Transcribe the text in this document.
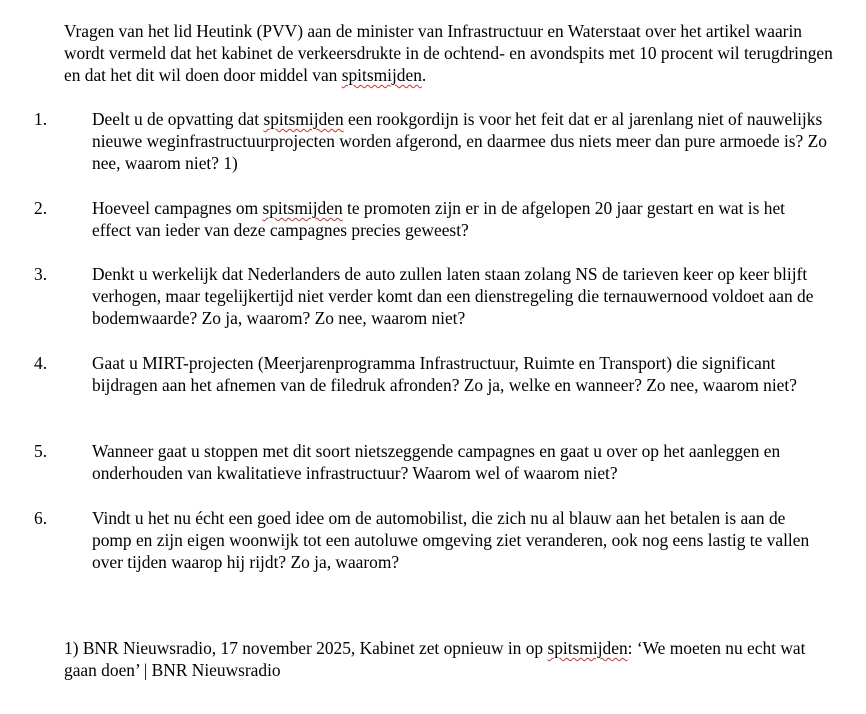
Vragen van het lid Heutink (PVV) aan de minister van Infrastructuur en Waterstaat over het artikel waarin wordt vermeld dat het kabinet de verkeersdrukte in de ochtend- en avondspits met 10 procent wil terugdringen en dat het dit wil doen door middel van spitsmijden.

1.	Deelt u de opvatting dat spitsmijden een rookgordijn is voor het feit dat er al jarenlang niet of nauwelijks nieuwe weginfrastructuurprojecten worden afgerond, en daarmee dus niets meer dan pure armoede is? Zo nee, waarom niet? 1)

2.	Hoeveel campagnes om spitsmijden te promoten zijn er in de afgelopen 20 jaar gestart en wat is het effect van ieder van deze campagnes precies geweest?

3.	Denkt u werkelijk dat Nederlanders de auto zullen laten staan zolang NS de tarieven keer op keer blijft verhogen, maar tegelijkertijd niet verder komt dan een dienstregeling die ternauwernood voldoet aan de bodemwaarde? Zo ja, waarom? Zo nee, waarom niet?

4.	Gaat u MIRT-projecten (Meerjarenprogramma Infrastructuur, Ruimte en Transport) die significant bijdragen aan het afnemen van de filedruk afronden? Zo ja, welke en wanneer? Zo nee, waarom niet?

5.	Wanneer gaat u stoppen met dit soort nietszeggende campagnes en gaat u over op het aanleggen en onderhouden van kwalitatieve infrastructuur? Waarom wel of waarom niet?

6.	Vindt u het nu écht een goed idee om de automobilist, die zich nu al blauw aan het betalen is aan de pomp en zijn eigen woonwijk tot een autoluwe omgeving ziet veranderen, ook nog eens lastig te vallen over tijden waarop hij rijdt? Zo ja, waarom?

1) BNR Nieuwsradio, 17 november 2025, Kabinet zet opnieuw in op spitsmijden: ‘We moeten nu echt wat gaan doen’ | BNR Nieuwsradio
